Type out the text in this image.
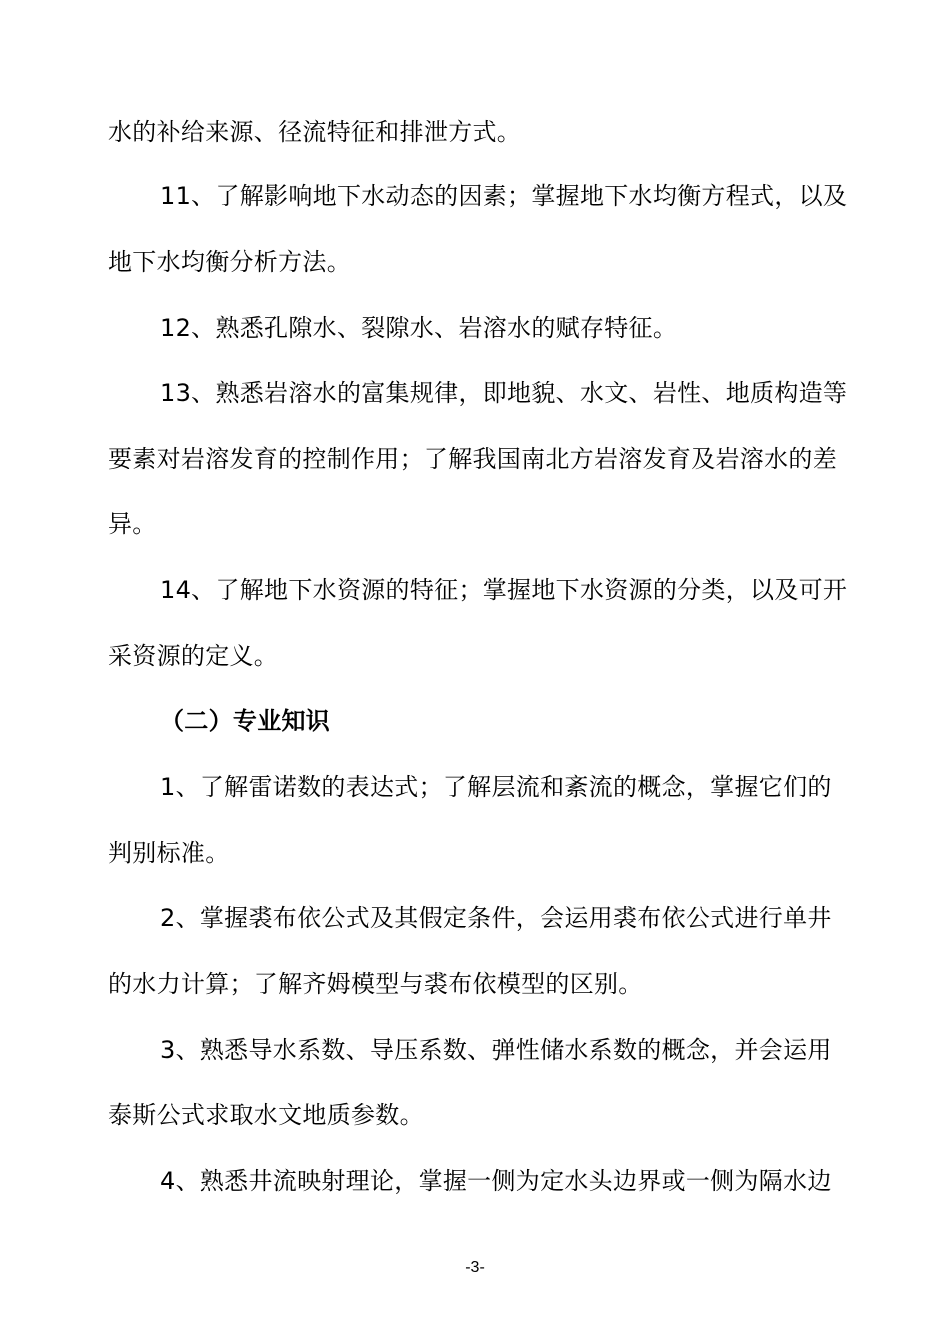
水的补给来源、径流特征和排泄方式。
11、了解影响地下水动态的因素；掌握地下水均衡方程式，以及
地下水均衡分析方法。
12、熟悉孔隙水、裂隙水、岩溶水的赋存特征。
13、熟悉岩溶水的富集规律，即地貌、水文、岩性、地质构造等
要素对岩溶发育的控制作用；了解我国南北方岩溶发育及岩溶水的差
异。
14、了解地下水资源的特征；掌握地下水资源的分类，以及可开
采资源的定义。
（二）专业知识
1、了解雷诺数的表达式；了解层流和紊流的概念，掌握它们的
判别标准。
2、掌握裘布依公式及其假定条件，会运用裘布依公式进行单井
的水力计算；了解齐姆模型与裘布依模型的区别。
3、熟悉导水系数、导压系数、弹性储水系数的概念，并会运用
泰斯公式求取水文地质参数。
4、熟悉井流映射理论，掌握一侧为定水头边界或一侧为隔水边
-3-
